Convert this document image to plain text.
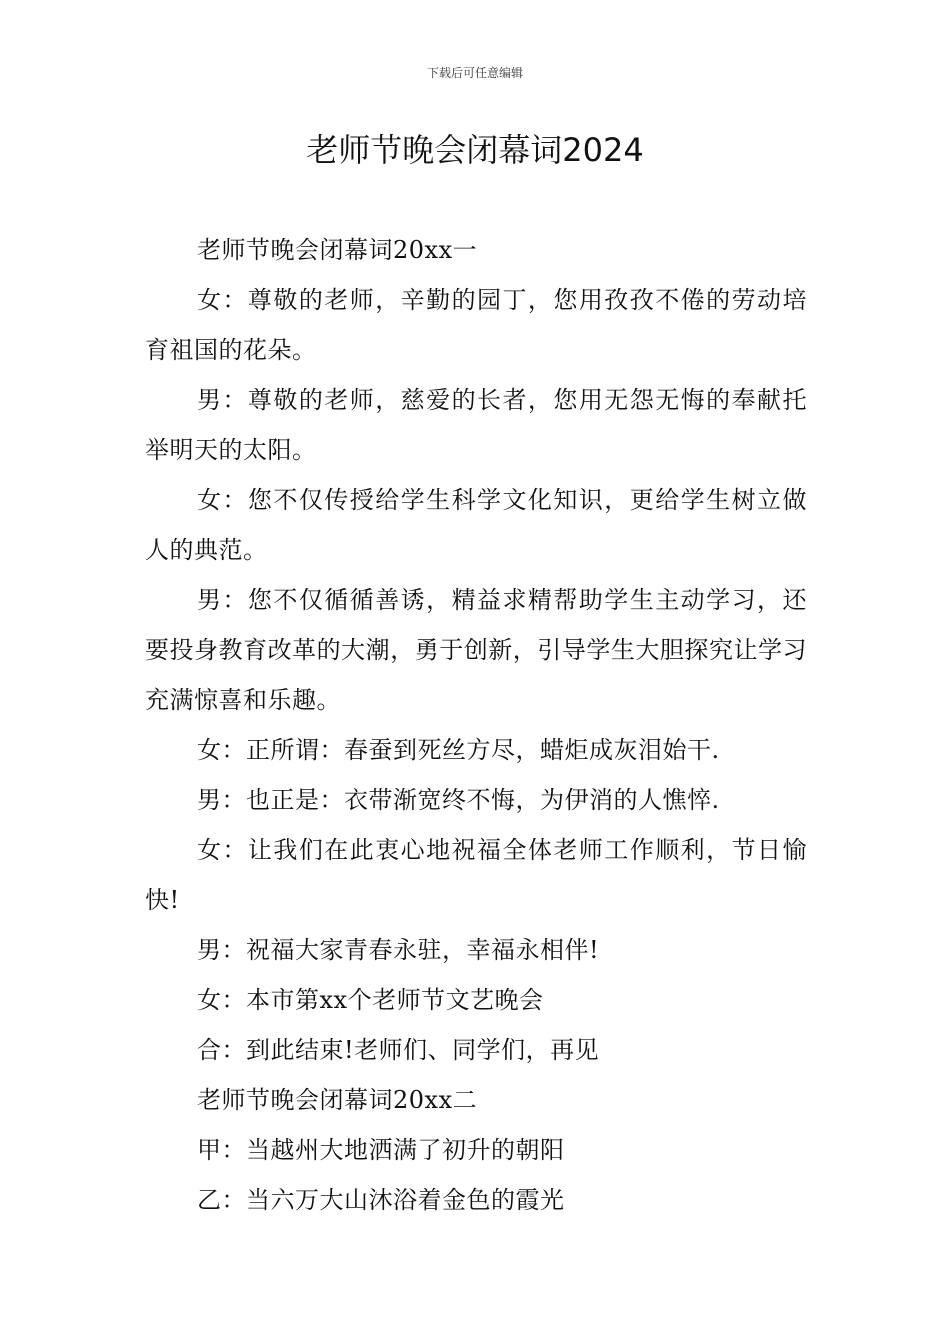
下载后可任意编辑
老师节晚会闭幕词2024

老师节晚会闭幕词20xx一

女：尊敬的老师，辛勤的园丁，您用孜孜不倦的劳动培育祖国的花朵。

男：尊敬的老师，慈爱的长者，您用无怨无悔的奉献托举明天的太阳。

女：您不仅传授给学生科学文化知识，更给学生树立做人的典范。

男：您不仅循循善诱，精益求精帮助学生主动学习，还要投身教育改革的大潮，勇于创新，引导学生大胆探究让学习充满惊喜和乐趣。

女：正所谓：春蚕到死丝方尽，蜡炬成灰泪始干.

男：也正是：衣带渐宽终不悔，为伊消的人憔悴.

女：让我们在此衷心地祝福全体老师工作顺利，节日愉快!

男：祝福大家青春永驻，幸福永相伴!

女：本市第xx个老师节文艺晚会

合：到此结束!老师们、同学们，再见

老师节晚会闭幕词20xx二

甲：当越州大地洒满了初升的朝阳

乙：当六万大山沐浴着金色的霞光
